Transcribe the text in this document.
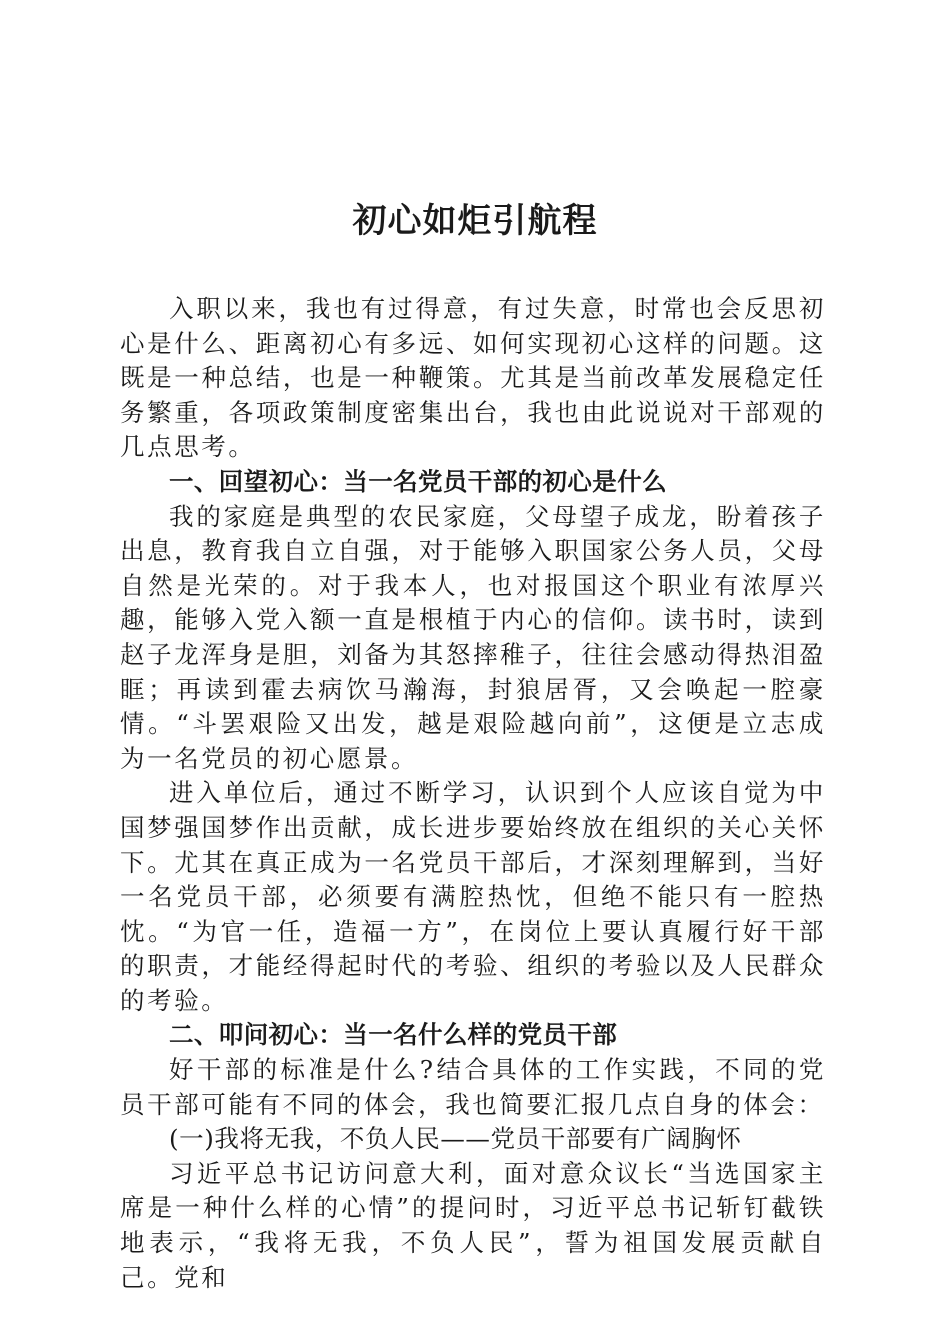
初心如炬引航程

入职以来，我也有过得意，有过失意，时常也会反思初心是什么、距离初心有多远、如何实现初心这样的问题。这既是一种总结，也是一种鞭策。尤其是当前改革发展稳定任务繁重，各项政策制度密集出台，我也由此说说对干部观的几点思考。

一、回望初心：当一名党员干部的初心是什么

我的家庭是典型的农民家庭，父母望子成龙，盼着孩子出息，教育我自立自强，对于能够入职国家公务人员，父母自然是光荣的。对于我本人，也对报国这个职业有浓厚兴趣，能够入党入额一直是根植于内心的信仰。读书时，读到赵子龙浑身是胆，刘备为其怒摔稚子，往往会感动得热泪盈眶；再读到霍去病饮马瀚海，封狼居胥，又会唤起一腔豪情。“斗罢艰险又出发，越是艰险越向前”，这便是立志成为一名党员的初心愿景。

进入单位后，通过不断学习，认识到个人应该自觉为中国梦强国梦作出贡献，成长进步要始终放在组织的关心关怀下。尤其在真正成为一名党员干部后，才深刻理解到，当好一名党员干部，必须要有满腔热忱，但绝不能只有一腔热忱。“为官一任，造福一方”，在岗位上要认真履行好干部的职责，才能经得起时代的考验、组织的考验以及人民群众的考验。

二、叩问初心：当一名什么样的党员干部

好干部的标准是什么?结合具体的工作实践，不同的党员干部可能有不同的体会，我也简要汇报几点自身的体会：

(一)我将无我，不负人民——党员干部要有广阔胸怀

习近平总书记访问意大利，面对意众议长“当选国家主席是一种什么样的心情”的提问时，习近平总书记斩钉截铁地表示，“我将无我，不负人民”，誓为祖国发展贡献自己。党和
